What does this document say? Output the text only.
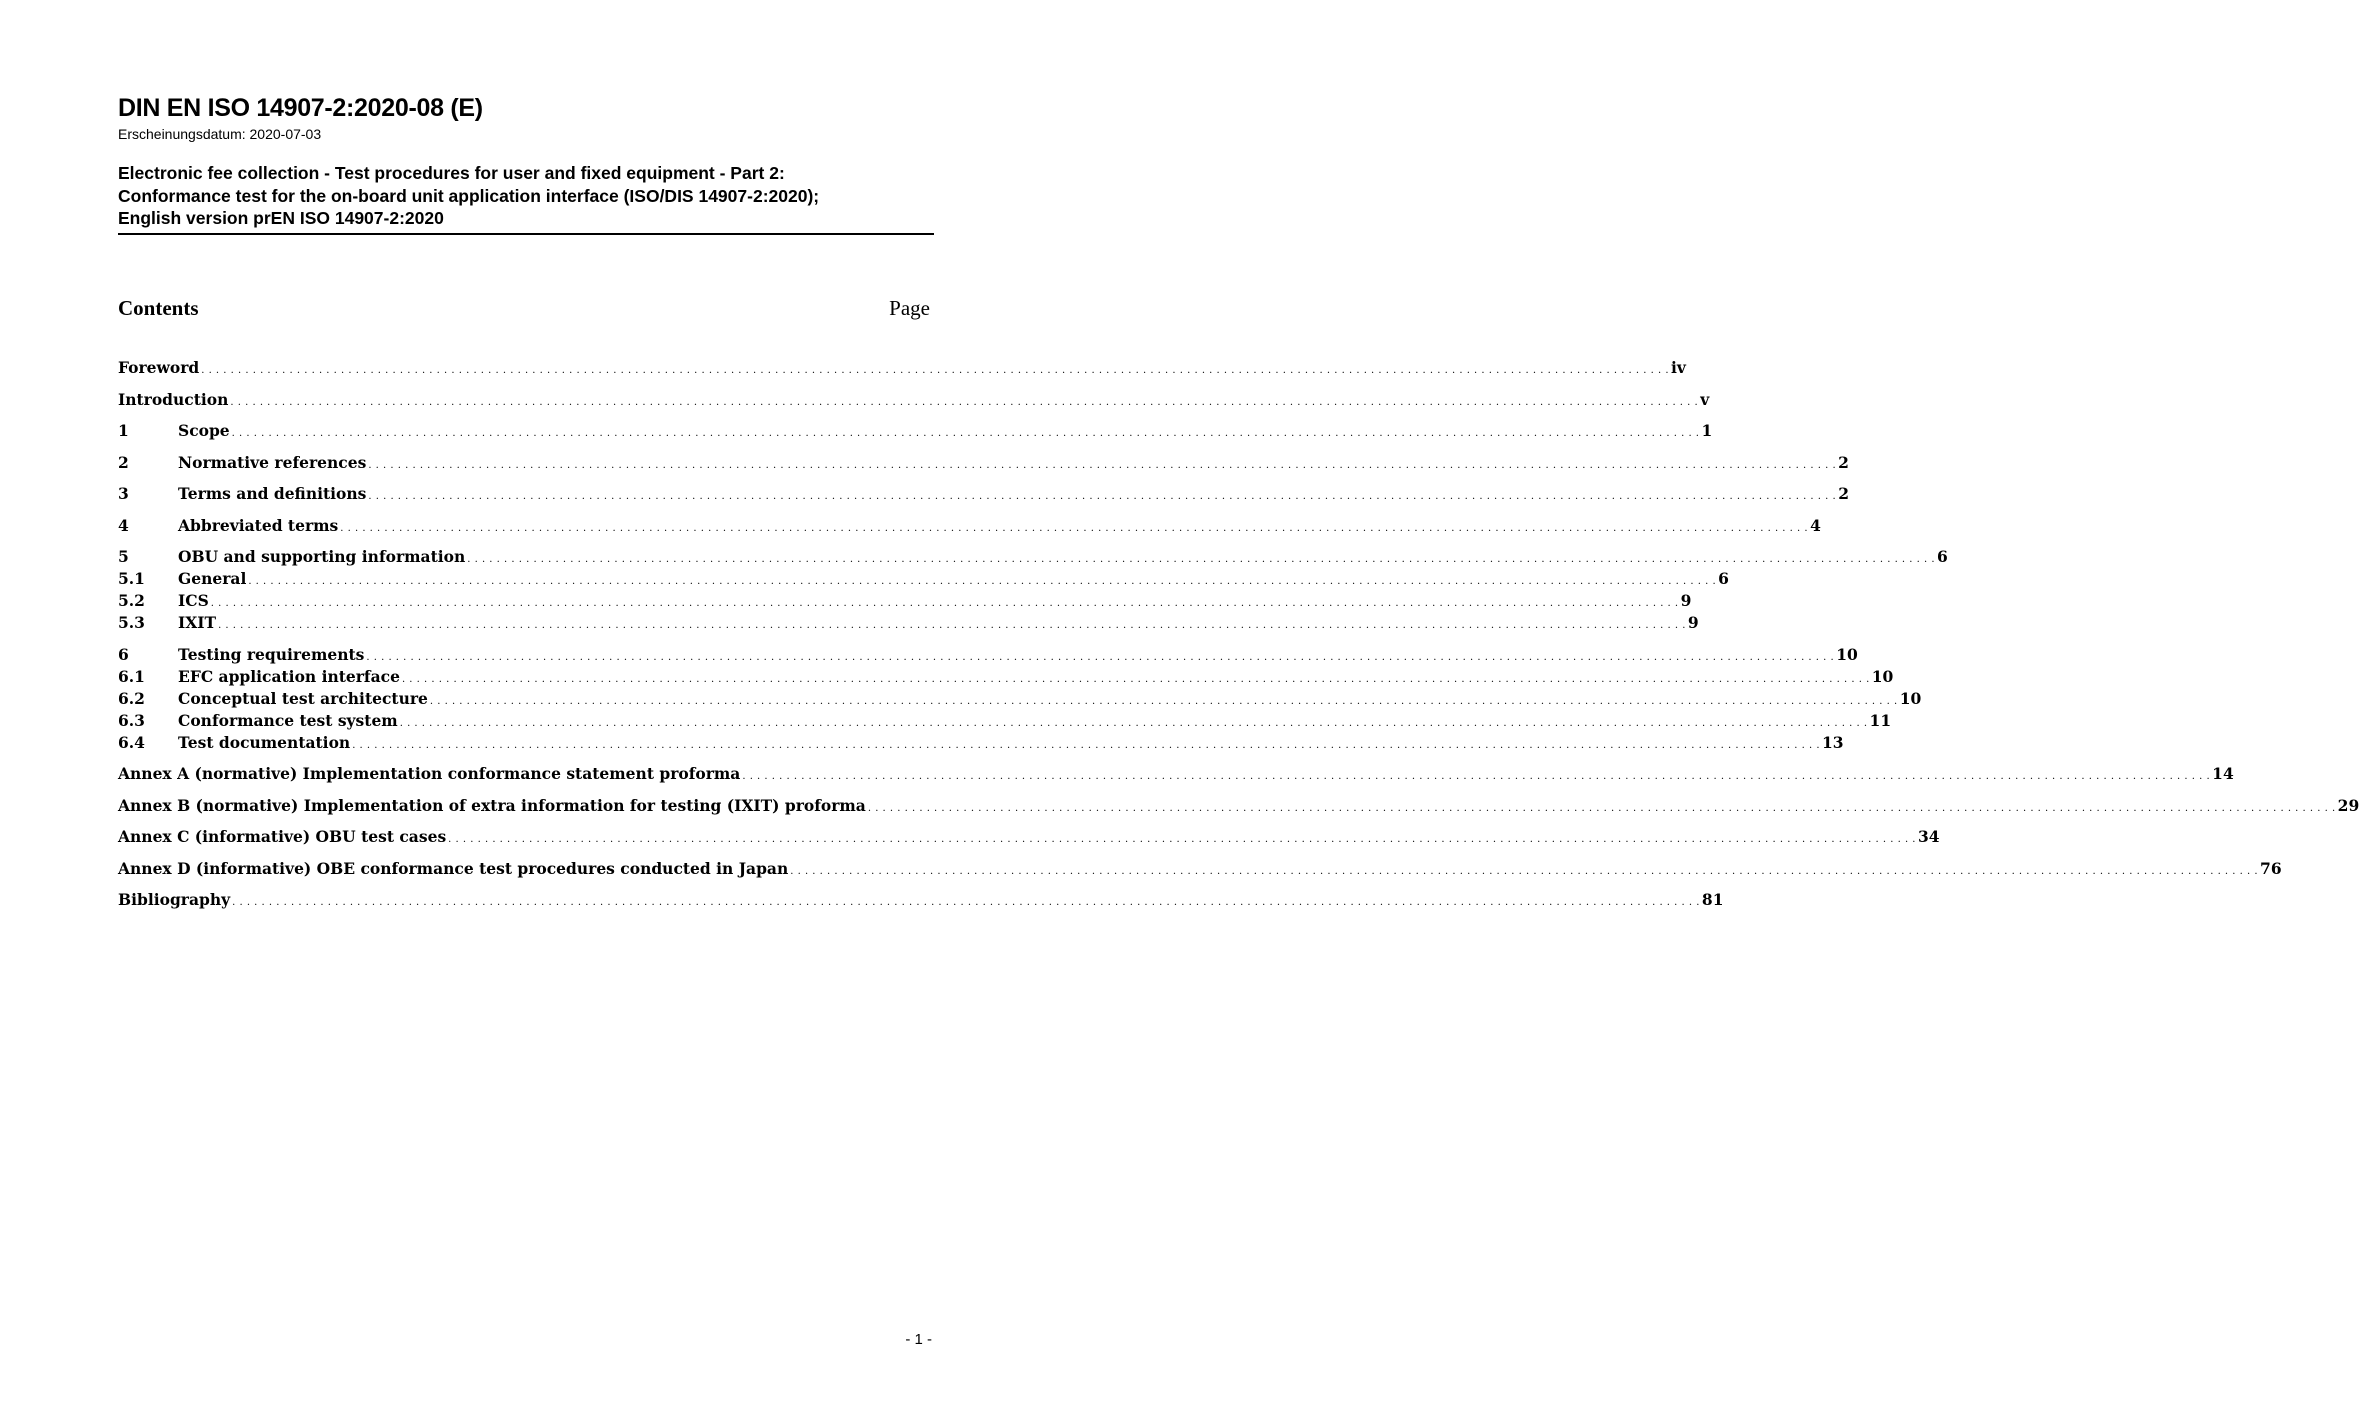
DIN EN ISO 14907-2:2020-08 (E)
Erscheinungsdatum: 2020-07-03
Electronic fee collection - Test procedures for user and fixed equipment - Part 2:
Conformance test for the on-board unit application interface (ISO/DIS 14907-2:2020);
English version prEN ISO 14907-2:2020
Contents	Page
Foreword . . . . . . . . . . . . . . . . . . . . . . . . . . . . . . . . . . . . . . . . . . . . . . . . . . . . . . . . . . . . . . . . . . . . . . . . . . . . . . . . . . . . . . . . . . . . . . . . . . . . . . . . . . . . . . . . . . . . . . . . . . . . . . . . . . . . . . . . . . . . . . . . . . . . . . . . . . . . . . . . . . . . . . . . . . . . . . . . . . . . . . . . . . . . . . . . . . . . . . . . iv
Introduction . . . . . . . . . . . . . . . . . . . . . . . . . . . . . . . . . . . . . . . . . . . . . . . . . . . . . . . . . . . . . . . . . . . . . . . . . . . . . . . . . . . . . . . . . . . . . . . . . . . . . . . . . . . . . . . . . . . . . . . . . . . . . . . . . . . . . . . . . . . . . . . . . . . . . . . . . . . . . . . . . . . . . . . . . . . . . . . . . . . . . . . . . . . . . . . . . . . . . . . . v
1	Scope . . . . . . . . . . . . . . . . . . . . . . . . . . . . . . . . . . . . . . . . . . . . . . . . . . . . . . . . . . . . . . . . . . . . . . . . . . . . . . . . . . . . . . . . . . . . . . . . . . . . . . . . . . . . . . . . . . . . . . . . . . . . . . . . . . . . . . . . . . . . . . . . . . . . . . . . . . . . . . . . . . . . . . . . . . . . . . . . . . . . . . . . . . . . . . . . . . . . . . . . 1
2	Normative references . . . . . . . . . . . . . . . . . . . . . . . . . . . . . . . . . . . . . . . . . . . . . . . . . . . . . . . . . . . . . . . . . . . . . . . . . . . . . . . . . . . . . . . . . . . . . . . . . . . . . . . . . . . . . . . . . . . . . . . . . . . . . . . . . . . . . . . . . . . . . . . . . . . . . . . . . . . . . . . . . . . . . . . . . . . . . . . . . . . . . . . . . . . . . . . . . . . . . . . . 2
3	Terms and definitions . . . . . . . . . . . . . . . . . . . . . . . . . . . . . . . . . . . . . . . . . . . . . . . . . . . . . . . . . . . . . . . . . . . . . . . . . . . . . . . . . . . . . . . . . . . . . . . . . . . . . . . . . . . . . . . . . . . . . . . . . . . . . . . . . . . . . . . . . . . . . . . . . . . . . . . . . . . . . . . . . . . . . . . . . . . . . . . . . . . . . . . . . . . . . . . . . . . . . . . . 2
4	Abbreviated terms . . . . . . . . . . . . . . . . . . . . . . . . . . . . . . . . . . . . . . . . . . . . . . . . . . . . . . . . . . . . . . . . . . . . . . . . . . . . . . . . . . . . . . . . . . . . . . . . . . . . . . . . . . . . . . . . . . . . . . . . . . . . . . . . . . . . . . . . . . . . . . . . . . . . . . . . . . . . . . . . . . . . . . . . . . . . . . . . . . . . . . . . . . . . . . . . . . . . . . . . 4
5	OBU and supporting information . . . . . . . . . . . . . . . . . . . . . . . . . . . . . . . . . . . . . . . . . . . . . . . . . . . . . . . . . . . . . . . . . . . . . . . . . . . . . . . . . . . . . . . . . . . . . . . . . . . . . . . . . . . . . . . . . . . . . . . . . . . . . . . . . . . . . . . . . . . . . . . . . . . . . . . . . . . . . . . . . . . . . . . . . . . . . . . . . . . . . . . . . . . . . . . . . . . . . . . . 6
5.1	General . . . . . . . . . . . . . . . . . . . . . . . . . . . . . . . . . . . . . . . . . . . . . . . . . . . . . . . . . . . . . . . . . . . . . . . . . . . . . . . . . . . . . . . . . . . . . . . . . . . . . . . . . . . . . . . . . . . . . . . . . . . . . . . . . . . . . . . . . . . . . . . . . . . . . . . . . . . . . . . . . . . . . . . . . . . . . . . . . . . . . . . . . . . . . . . . . . . . . . . . 6
5.2	ICS . . . . . . . . . . . . . . . . . . . . . . . . . . . . . . . . . . . . . . . . . . . . . . . . . . . . . . . . . . . . . . . . . . . . . . . . . . . . . . . . . . . . . . . . . . . . . . . . . . . . . . . . . . . . . . . . . . . . . . . . . . . . . . . . . . . . . . . . . . . . . . . . . . . . . . . . . . . . . . . . . . . . . . . . . . . . . . . . . . . . . . . . . . . . . . . . . . . . . . . . 9
5.3	IXIT . . . . . . . . . . . . . . . . . . . . . . . . . . . . . . . . . . . . . . . . . . . . . . . . . . . . . . . . . . . . . . . . . . . . . . . . . . . . . . . . . . . . . . . . . . . . . . . . . . . . . . . . . . . . . . . . . . . . . . . . . . . . . . . . . . . . . . . . . . . . . . . . . . . . . . . . . . . . . . . . . . . . . . . . . . . . . . . . . . . . . . . . . . . . . . . . . . . . . . . . 9
6	Testing requirements . . . . . . . . . . . . . . . . . . . . . . . . . . . . . . . . . . . . . . . . . . . . . . . . . . . . . . . . . . . . . . . . . . . . . . . . . . . . . . . . . . . . . . . . . . . . . . . . . . . . . . . . . . . . . . . . . . . . . . . . . . . . . . . . . . . . . . . . . . . . . . . . . . . . . . . . . . . . . . . . . . . . . . . . . . . . . . . . . . . . . . . . . . . . . . . . . . . . . . . . 10
6.1	EFC application interface . . . . . . . . . . . . . . . . . . . . . . . . . . . . . . . . . . . . . . . . . . . . . . . . . . . . . . . . . . . . . . . . . . . . . . . . . . . . . . . . . . . . . . . . . . . . . . . . . . . . . . . . . . . . . . . . . . . . . . . . . . . . . . . . . . . . . . . . . . . . . . . . . . . . . . . . . . . . . . . . . . . . . . . . . . . . . . . . . . . . . . . . . . . . . . . . . . . . . . . . 10
6.2	Conceptual test architecture . . . . . . . . . . . . . . . . . . . . . . . . . . . . . . . . . . . . . . . . . . . . . . . . . . . . . . . . . . . . . . . . . . . . . . . . . . . . . . . . . . . . . . . . . . . . . . . . . . . . . . . . . . . . . . . . . . . . . . . . . . . . . . . . . . . . . . . . . . . . . . . . . . . . . . . . . . . . . . . . . . . . . . . . . . . . . . . . . . . . . . . . . . . . . . . . . . . . . . . . 10
6.3	Conformance test system . . . . . . . . . . . . . . . . . . . . . . . . . . . . . . . . . . . . . . . . . . . . . . . . . . . . . . . . . . . . . . . . . . . . . . . . . . . . . . . . . . . . . . . . . . . . . . . . . . . . . . . . . . . . . . . . . . . . . . . . . . . . . . . . . . . . . . . . . . . . . . . . . . . . . . . . . . . . . . . . . . . . . . . . . . . . . . . . . . . . . . . . . . . . . . . . . . . . . . . . 11
6.4	Test documentation . . . . . . . . . . . . . . . . . . . . . . . . . . . . . . . . . . . . . . . . . . . . . . . . . . . . . . . . . . . . . . . . . . . . . . . . . . . . . . . . . . . . . . . . . . . . . . . . . . . . . . . . . . . . . . . . . . . . . . . . . . . . . . . . . . . . . . . . . . . . . . . . . . . . . . . . . . . . . . . . . . . . . . . . . . . . . . . . . . . . . . . . . . . . . . . . . . . . . . . . 13
Annex A (normative) Implementation conformance statement proforma . . . . . . . . . . . . . . . . . . . . . . . . . . . . . . . . . . . . . . . . . . . . . . . . . . . . . . . . . . . . . . . . . . . . . . . . . . . . . . . . . . . . . . . . . . . . . . . . . . . . . . . . . . . . . . . . . . . . . . . . . . . . . . . . . . . . . . . . . . . . . . . . . . . . . . . . . . . . . . . . . . . . . . . . . . . . . . . . . . . . . . . . . . . . . . . . . . . . . . . . 14
Annex B (normative) Implementation of extra information for testing (IXIT) proforma . . . . . . . . . . . . . . . . . . . . . . . . . . . . . . . . . . . . . . . . . . . . . . . . . . . . . . . . . . . . . . . . . . . . . . . . . . . . . . . . . . . . . . . . . . . . . . . . . . . . . . . . . . . . . . . . . . . . . . . . . . . . . . . . . . . . . . . . . . . . . . . . . . . . . . . . . . . . . . . . . . . . . . . . . . . . . . . . . . . . . . . . . . . . . . . . . . . . . . . . 29
Annex C (informative) OBU test cases . . . . . . . . . . . . . . . . . . . . . . . . . . . . . . . . . . . . . . . . . . . . . . . . . . . . . . . . . . . . . . . . . . . . . . . . . . . . . . . . . . . . . . . . . . . . . . . . . . . . . . . . . . . . . . . . . . . . . . . . . . . . . . . . . . . . . . . . . . . . . . . . . . . . . . . . . . . . . . . . . . . . . . . . . . . . . . . . . . . . . . . . . . . . . . . . . . . . . . . . 34
Annex D (informative) OBE conformance test procedures conducted in Japan . . . . . . . . . . . . . . . . . . . . . . . . . . . . . . . . . . . . . . . . . . . . . . . . . . . . . . . . . . . . . . . . . . . . . . . . . . . . . . . . . . . . . . . . . . . . . . . . . . . . . . . . . . . . . . . . . . . . . . . . . . . . . . . . . . . . . . . . . . . . . . . . . . . . . . . . . . . . . . . . . . . . . . . . . . . . . . . . . . . . . . . . . . . . . . . . . . . . . . . . 76
Bibliography . . . . . . . . . . . . . . . . . . . . . . . . . . . . . . . . . . . . . . . . . . . . . . . . . . . . . . . . . . . . . . . . . . . . . . . . . . . . . . . . . . . . . . . . . . . . . . . . . . . . . . . . . . . . . . . . . . . . . . . . . . . . . . . . . . . . . . . . . . . . . . . . . . . . . . . . . . . . . . . . . . . . . . . . . . . . . . . . . . . . . . . . . . . . . . . . . . . . . . . . 81
- 1 -
